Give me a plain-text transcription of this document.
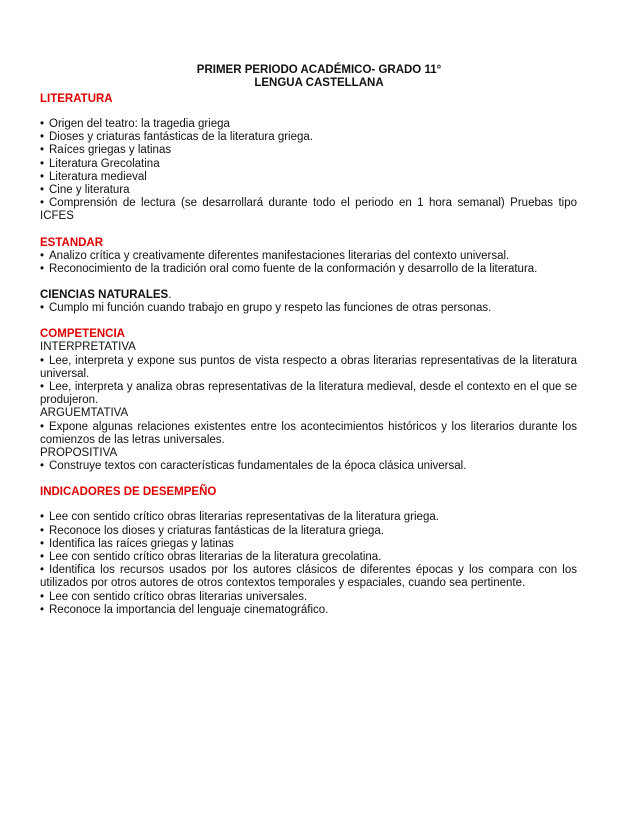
PRIMER PERIODO ACADÉMICO- GRADO 11°
LENGUA CASTELLANA
LITERATURA
• Origen del teatro: la tragedia griega
• Dioses y criaturas fantásticas de la literatura griega.
• Raíces griegas y latinas
• Literatura Grecolatina
• Literatura medieval
• Cine y literatura
• Comprensión de lectura (se desarrollará durante todo el periodo en 1 hora semanal) Pruebas tipo ICFES
ESTANDAR
• Analizo crítica y creativamente diferentes manifestaciones literarias del contexto universal.
• Reconocimiento de la tradición oral como fuente de la conformación y desarrollo de la literatura.
CIENCIAS NATURALES.
• Cumplo mi función cuando trabajo en grupo y respeto las funciones de otras personas.
COMPETENCIA
INTERPRETATIVA
• Lee, interpreta y expone sus puntos de vista respecto a obras literarias representativas de la literatura universal.
• Lee, interpreta y analiza obras representativas de la literatura medieval, desde el contexto en el que se produjeron.
ARGUEMTATIVA
• Expone algunas relaciones existentes entre los acontecimientos históricos y los literarios durante los comienzos de las letras universales.
PROPOSITIVA
• Construye textos con características fundamentales de la época clásica universal.
INDICADORES DE DESEMPEÑO
• Lee con sentido crítico obras literarias representativas de la literatura griega.
• Reconoce los dioses y criaturas fantásticas de la literatura griega.
• Identifica las raíces griegas y latinas
• Lee con sentido crítico obras literarias de la literatura grecolatina.
• Identifica los recursos usados por los autores clásicos de diferentes épocas y los compara con los utilizados por otros autores de otros contextos temporales y espaciales, cuando sea pertinente.
• Lee con sentido crítico obras literarias universales.
• Reconoce la importancia del lenguaje cinematográfico.
